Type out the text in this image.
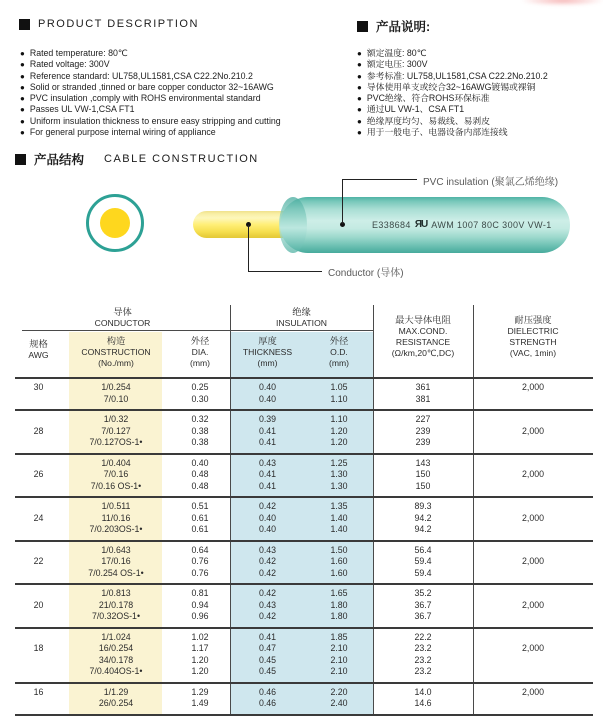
PRODUCT DESCRIPTION
● Rated temperature: 80℃
● Rated voltage: 300V
● Reference standard: UL758,UL1581,CSA C22.2No.210.2
● Solid or stranded ,tinned or bare copper conductor 32~16AWG
● PVC insulation ,comply with ROHS environmental standard
● Passes UL VW-1,CSA FT1
● Uniform insulation thickness to ensure easy stripping and cutting
● For general purpose internal wiring of appliance
产品说明:
● 额定温度: 80℃
● 额定电压: 300V
● 参考标准: UL758,UL1581,CSA C22.2No.210.2
● 导体使用单支或绞合32~16AWG镀锡或裸铜
● PVC绝缘、符合ROHS环保标准
● 通过UL VW-1、CSA FT1
● 绝缘厚度均匀、易裁线、易剥皮
● 用于一般电子、电器设备内部连接线
产品结构 CABLE CONSTRUCTION
E338684 ЯU AWM 1007 80C 300V VW-1
PVC insulation (聚氯乙烯绝缘)
Conductor (导体)
导体
CONDUCTOR
绝缘
INSULATION
规格
AWG
构造
CONSTRUCTION
(No./mm)
外径
DIA.
(mm)
厚度
THICKNESS
(mm)
外径
O.D.
(mm)
最大导体电阻
MAX.COND.
RESISTANCE
(Ω/km,20℃,DC)
耐压强度
DIELECTRIC
STRENGTH
(VAC, 1min)
30
	1/0.254
7/0.10
0.25
0.30
0.40
0.40
1.05
1.10
361
381
2,000

28

1/0.32
7/0.127
7/0.127OS-1•
0.32
0.38
0.38
0.39
0.41
0.41
1.10
1.20
1.20
227
239
239

2,000

26

1/0.404
7/0.16
7/0.16 OS-1•
0.40
0.48
0.48
0.43
0.41
0.41
1.25
1.30
1.30
143
150
150

2,000

24

1/0.511
11/0.16
7/0.203OS-1•
0.51
0.61
0.61
0.42
0.40
0.40
1.35
1.40
1.40
89.3
94.2
94.2

2,000

22

1/0.643
17/0.16
7/0.254 OS-1•
0.64
0.76
0.76
0.43
0.42
0.42
1.50
1.60
1.60
56.4
59.4
59.4

2,000

20

1/0.813
21/0.178
7/0.32OS-1•
0.81
0.94
0.96
0.42
0.43
0.42
1.65
1.80
1.80
35.2
36.7
36.7

2,000

18

1/1.024
16/0.254
34/0.178
7/0.404OS-1•
1.02
1.17
1.20
1.20
0.41
0.47
0.45
0.45
1.85
2.10
2.10
2.10
22.2
23.2
23.2
23.2

2,000

16
	1/1.29
26/0.254
1.29
1.49
0.46
0.46
2.20
2.40
14.0
14.6
2,000
